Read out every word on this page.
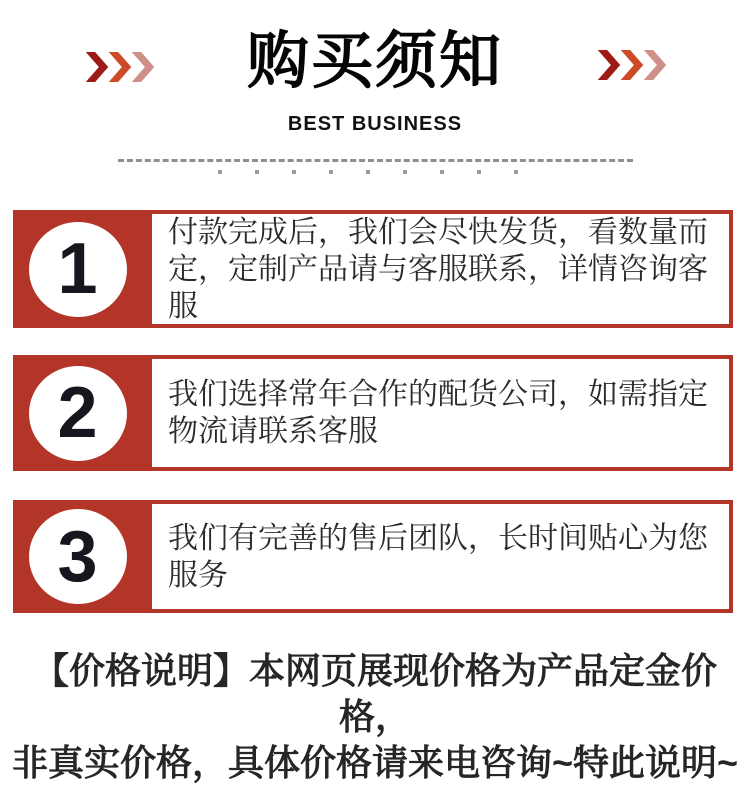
购买须知
BEST BUSINESS
1	付款完成后，我们会尽快发货，看数量而定，定制产品请与客服联系，详情咨询客服
2	我们选择常年合作的配货公司，如需指定物流请联系客服
3	我们有完善的售后团队，长时间贴心为您服务
【价格说明】本网页展现价格为产品定金价格，
非真实价格，具体价格请来电咨询~特此说明~
